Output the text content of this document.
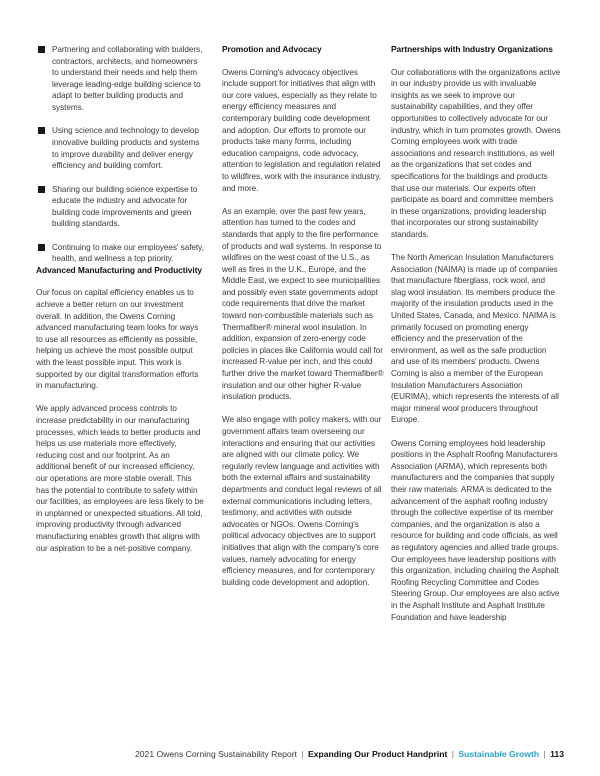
Partnering and collaborating with builders, contractors, architects, and homeowners to understand their needs and help them leverage leading-edge building science to adapt to better building products and systems.
Using science and technology to develop innovative building products and systems to improve durability and deliver energy efficiency and building comfort.
Sharing our building science expertise to educate the industry and advocate for building code improvements and green building standards.
Continuing to make our employees' safety, health, and wellness a top priority.
Advanced Manufacturing and Productivity

Our focus on capital efficiency enables us to achieve a better return on our investment overall. In addition, the Owens Corning advanced manufacturing team looks for ways to use all resources as efficiently as possible, helping us achieve the most possible output with the least possible input. This work is supported by our digital transformation efforts in manufacturing.

We apply advanced process controls to increase predictability in our manufacturing processes, which leads to better products and helps us use materials more effectively, reducing cost and our footprint. As an additional benefit of our increased efficiency, our operations are more stable overall. This has the potential to contribute to safety within our facilities, as employees are less likely to be in unplanned or unexpected situations. All told, improving productivity through advanced manufacturing enables growth that aligns with our aspiration to be a net-positive company.

Promotion and Advocacy

Owens Corning's advocacy objectives include support for initiatives that align with our core values, especially as they relate to energy efficiency measures and contemporary building code development and adoption. Our efforts to promote our products take many forms, including education campaigns, code advocacy, attention to legislation and regulation related to wildfires, work with the insurance industry, and more.

As an example, over the past few years, attention has turned to the codes and standards that apply to the fire performance of products and wall systems. In response to wildfires on the west coast of the U.S., as well as fires in the U.K., Europe, and the Middle East, we expect to see municipalities and possibly even state governments adopt code requirements that drive the market toward non-combustible materials such as Thermafiber® mineral wool insulation. In addition, expansion of zero-energy code policies in places like California would call for increased R-value per inch, and this could further drive the market toward Thermafiber® insulation and our other higher R-value insulation products.

We also engage with policy makers, with our government affairs team overseeing our interactions and ensuring that our activities are aligned with our climate policy. We regularly review language and activities with both the external affairs and sustainability departments and conduct legal reviews of all external communications including letters, testimony, and activities with outside advocates or NGOs. Owens Corning's political advocacy objectives are to support initiatives that align with the company's core values, namely advocating for energy efficiency measures, and for contemporary building code development and adoption.

Partnerships with Industry Organizations

Our collaborations with the organizations active in our industry provide us with invaluable insights as we seek to improve our sustainability capabilities, and they offer opportunities to collectively advocate for our industry, which in turn promotes growth. Owens Corning employees work with trade associations and research institutions, as well as the organizations that set codes and specifications for the buildings and products that use our materials. Our experts often participate as board and committee members in these organizations, providing leadership that incorporates our strong sustainability standards.

The North American Insulation Manufacturers Association (NAIMA) is made up of companies that manufacture fiberglass, rock wool, and slag wool insulation. Its members produce the majority of the insulation products used in the United States, Canada, and Mexico. NAIMA is primarily focused on promoting energy efficiency and the preservation of the environment, as well as the safe production and use of its members' products. Owens Corning is also a member of the European Insulation Manufacturers Association (EURIMA), which represents the interests of all major mineral wool producers throughout Europe.

Owens Corning employees hold leadership positions in the Asphalt Roofing Manufacturers Association (ARMA), which represents both manufacturers and the companies that supply their raw materials. ARMA is dedicated to the advancement of the asphalt roofing industry through the collective expertise of its member companies, and the organization is also a resource for building and code officials, as well as regulatory agencies and allied trade groups. Our employees have leadership positions with this organization, including chairing the Asphalt Roofing Recycling Committee and Codes Steering Group. Our employees are also active in the Asphalt Institute and Asphalt Institute Foundation and have leadership

2021 Owens Corning Sustainability Report | Expanding Our Product Handprint | Sustainable Growth | 113
